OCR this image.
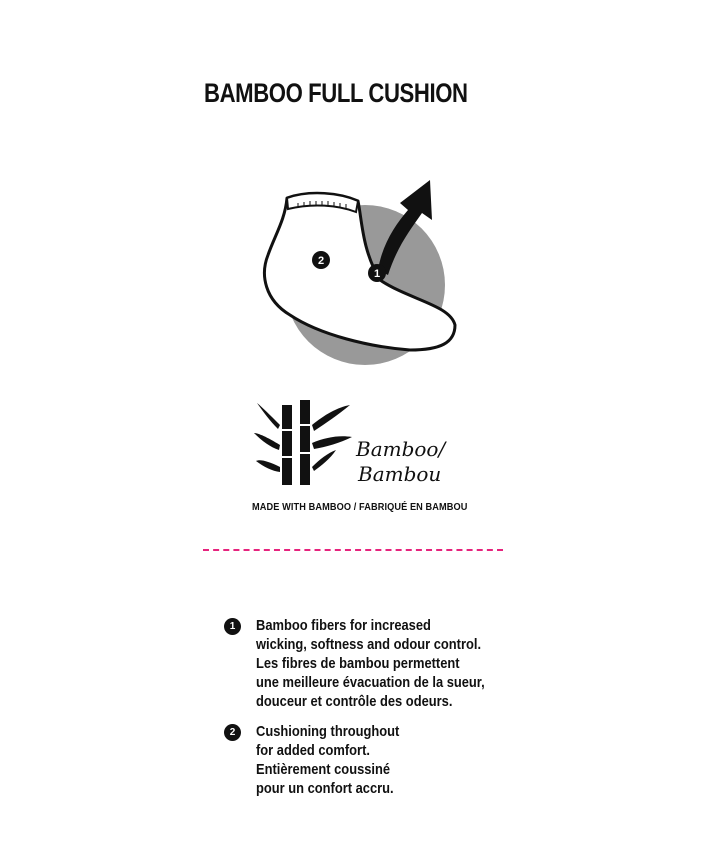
BAMBOO FULL CUSHION
2
1
Bamboo/
Bambou
MADE WITH BAMBOO / FABRIQUÉ EN BAMBOU
1	Bamboo fibers for increased
wicking, softness and odour control.
Les fibres de bambou permettent
une meilleure évacuation de la sueur,
douceur et contrôle des odeurs.
2	Cushioning throughout
for added comfort.
Entièrement coussiné
pour un confort accru.
